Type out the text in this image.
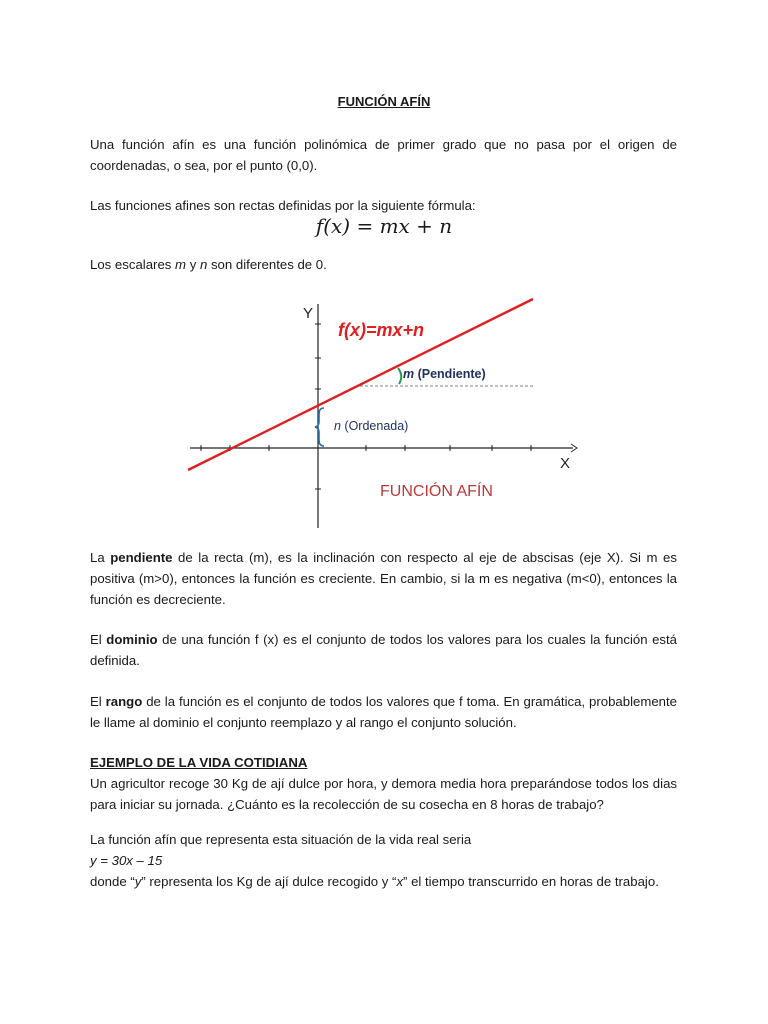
FUNCIÓN AFÍN
Una función afín es una función polinómica de primer grado que no pasa por el origen de coordenadas, o sea, por el punto (0,0).
Las funciones afines son rectas definidas por la siguiente fórmula:
f(x) = mx + n
Los escalares m y n son diferentes de 0.
Y
X
f(x)=mx+n
m (Pendiente)
n (Ordenada)
FUNCIÓN AFÍN
La pendiente de la recta (m), es la inclinación con respecto al eje de abscisas (eje X). Si m es positiva (m>0), entonces la función es creciente. En cambio, si la m es negativa (m<0), entonces la función es decreciente.
El dominio de una función f (x) es el conjunto de todos los valores para los cuales la función está definida.
El rango de la función es el conjunto de todos los valores que f toma. En gramática, probablemente le llame al dominio el conjunto reemplazo y al rango el conjunto solución.
EJEMPLO DE LA VIDA COTIDIANA
Un agricultor recoge 30 Kg de ají dulce por hora, y demora media hora preparándose todos los dias para iniciar su jornada. ¿Cuánto es la recolección de su cosecha en 8 horas de trabajo?
La función afín que representa esta situación de la vida real seria
y = 30x – 15
donde “y” representa los Kg de ají dulce recogido y “x” el tiempo transcurrido en horas de trabajo.
